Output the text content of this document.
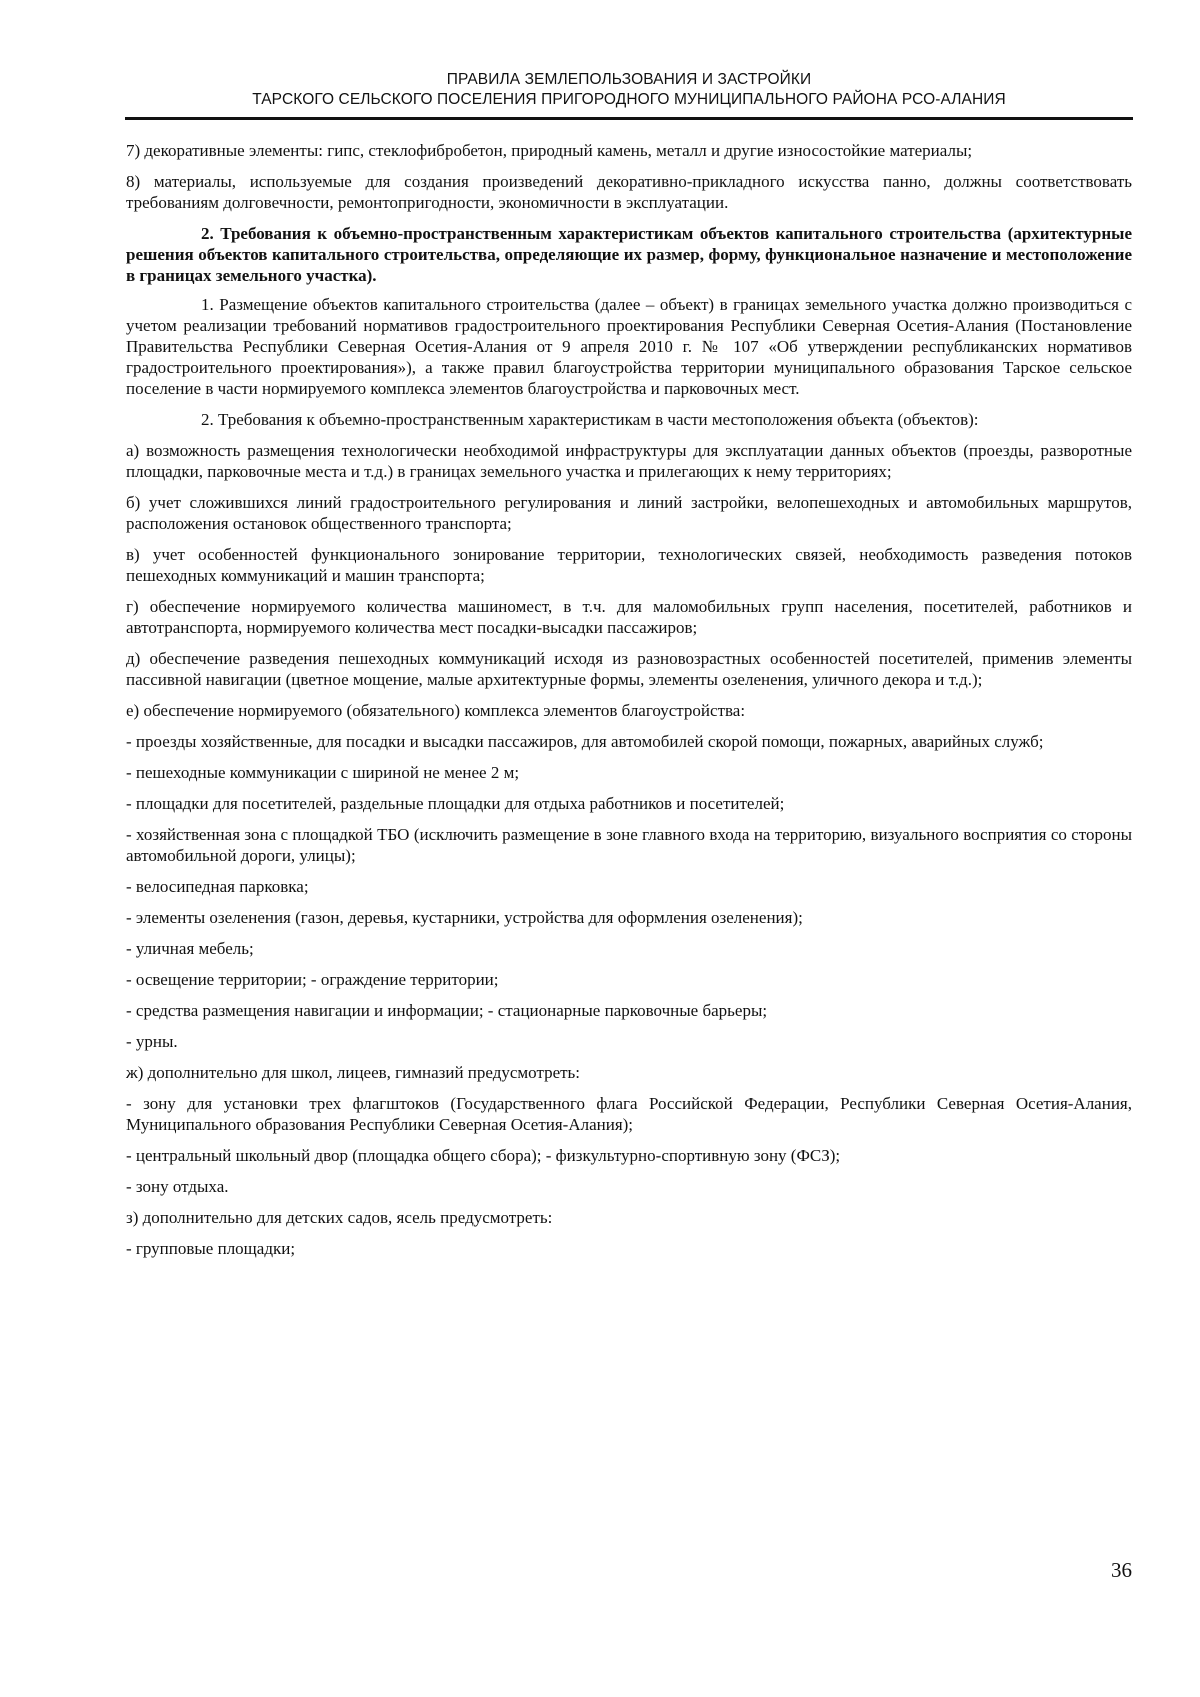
ПРАВИЛА ЗЕМЛЕПОЛЬЗОВАНИЯ И ЗАСТРОЙКИ
ТАРСКОГО СЕЛЬСКОГО ПОСЕЛЕНИЯ ПРИГОРОДНОГО МУНИЦИПАЛЬНОГО РАЙОНА РСО-АЛАНИЯ

7) декоративные элементы: гипс, стеклофибробетон, природный камень, металл и другие износостойкие материалы;

8) материалы, используемые для создания произведений декоративно-прикладного искусства панно, должны соответствовать требованиям долговечности, ремонтопригодности, экономичности в эксплуатации.

2. Требования к объемно-пространственным характеристикам объектов капитального строительства (архитектурные решения объектов капитального строительства, определяющие их размер, форму, функциональное назначение и местоположение в границах земельного участка).

1. Размещение объектов капитального строительства (далее – объект) в границах земельного участка должно производиться с учетом реализации требований нормативов градостроительного проектирования Республики Северная Осетия-Алания (Постановление Правительства Республики Северная Осетия-Алания от 9 апреля 2010 г. № 107 «Об утверждении республиканских нормативов градостроительного проектирования»), а также правил благоустройства территории муниципального образования Тарское сельское поселение в части нормируемого комплекса элементов благоустройства и парковочных мест.

2. Требования к объемно-пространственным характеристикам в части местоположения объекта (объектов):

а) возможность размещения технологически необходимой инфраструктуры для эксплуатации данных объектов (проезды, разворотные площадки, парковочные места и т.д.) в границах земельного участка и прилегающих к нему территориях;

б) учет сложившихся линий градостроительного регулирования и линий застройки, велопешеходных и автомобильных маршрутов, расположения остановок общественного транспорта;

в) учет особенностей функционального зонирование территории, технологических связей, необходимость разведения потоков пешеходных коммуникаций и машин транспорта;

г) обеспечение нормируемого количества машиномест, в т.ч. для маломобильных групп населения, посетителей, работников и автотранспорта, нормируемого количества мест посадки-высадки пассажиров;

д) обеспечение разведения пешеходных коммуникаций исходя из разновозрастных особенностей посетителей, применив элементы пассивной навигации (цветное мощение, малые архитектурные формы, элементы озеленения, уличного декора и т.д.);

е) обеспечение нормируемого (обязательного) комплекса элементов благоустройства:

- проезды хозяйственные, для посадки и высадки пассажиров, для автомобилей скорой помощи, пожарных, аварийных служб;

- пешеходные коммуникации с шириной не менее 2 м;

- площадки для посетителей, раздельные площадки для отдыха работников и посетителей;

- хозяйственная зона с площадкой ТБО (исключить размещение в зоне главного входа на территорию, визуального восприятия со стороны автомобильной дороги, улицы);

- велосипедная парковка;

- элементы озеленения (газон, деревья, кустарники, устройства для оформления озеленения);

- уличная мебель;

- освещение территории; - ограждение территории;

- средства размещения навигации и информации; - стационарные парковочные барьеры;

- урны.

ж) дополнительно для школ, лицеев, гимназий предусмотреть:

- зону для установки трех флагштоков (Государственного флага Российской Федерации, Республики Северная Осетия-Алания, Муниципального образования Республики Северная Осетия-Алания);

- центральный школьный двор (площадка общего сбора); - физкультурно-спортивную зону (ФСЗ);

- зону отдыха.

з) дополнительно для детских садов, ясель предусмотреть:

- групповые площадки;

36
